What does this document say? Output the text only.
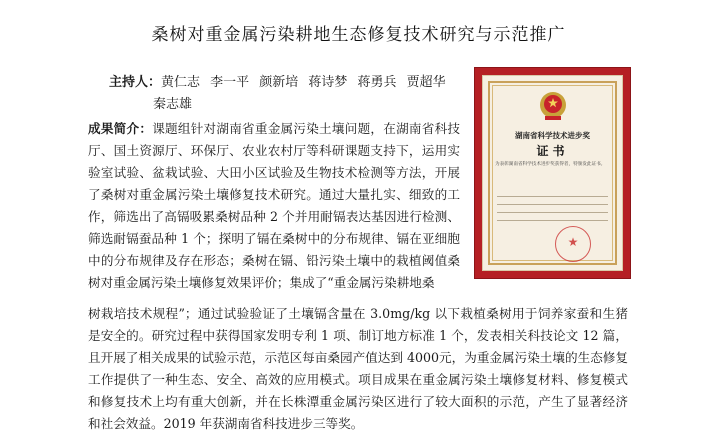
桑树对重金属污染耕地生态修复技术研究与示范推广
主持人：黄仁志 李一平 颜新培 蒋诗梦 蒋勇兵 贾超华
秦志雄
成果简介：课题组针对湖南省重金属污染土壤问题，在湖南省科技厅、国土资源厅、环保厅、农业农村厅等科研课题支持下，运用实验室试验、盆栽试验、大田小区试验及生物技术检测等方法，开展了桑树对重金属污染土壤修复技术研究。通过大量扎实、细致的工作，筛选出了高镉吸累桑树品种 2 个并用耐镉表达基因进行检测、筛选耐镉蚕品种 1 个；探明了镉在桑树中的分布规律、镉在亚细胞中的分布规律及存在形态；桑树在镉、铅污染土壤中的栽植阈值桑树对重金属污染土壤修复效果评价；集成了“重金属污染耕地桑
树栽培技术规程”；通过试验验证了土壤镉含量在 3.0mg/kg 以下栽植桑树用于饲养家蚕和生猪是安全的。研究过程中获得国家发明专利 1 项、制订地方标准 1 个，发表相关科技论文 12 篇，且开展了相关成果的试验示范，示范区每亩桑园产值达到 4000元，为重金属污染土壤的生态修复工作提供了一种生态、安全、高效的应用模式。项目成果在重金属污染土壤修复材料、修复模式和修复技术上均有重大创新，并在长株潭重金属污染区进行了较大面积的示范，产生了显著经济和社会效益。2019 年获湖南省科技进步三等奖。
湖南省科学技术进步奖
证书
为表彰湖南省科学技术进步奖获得者，特颁发此证书。
★
